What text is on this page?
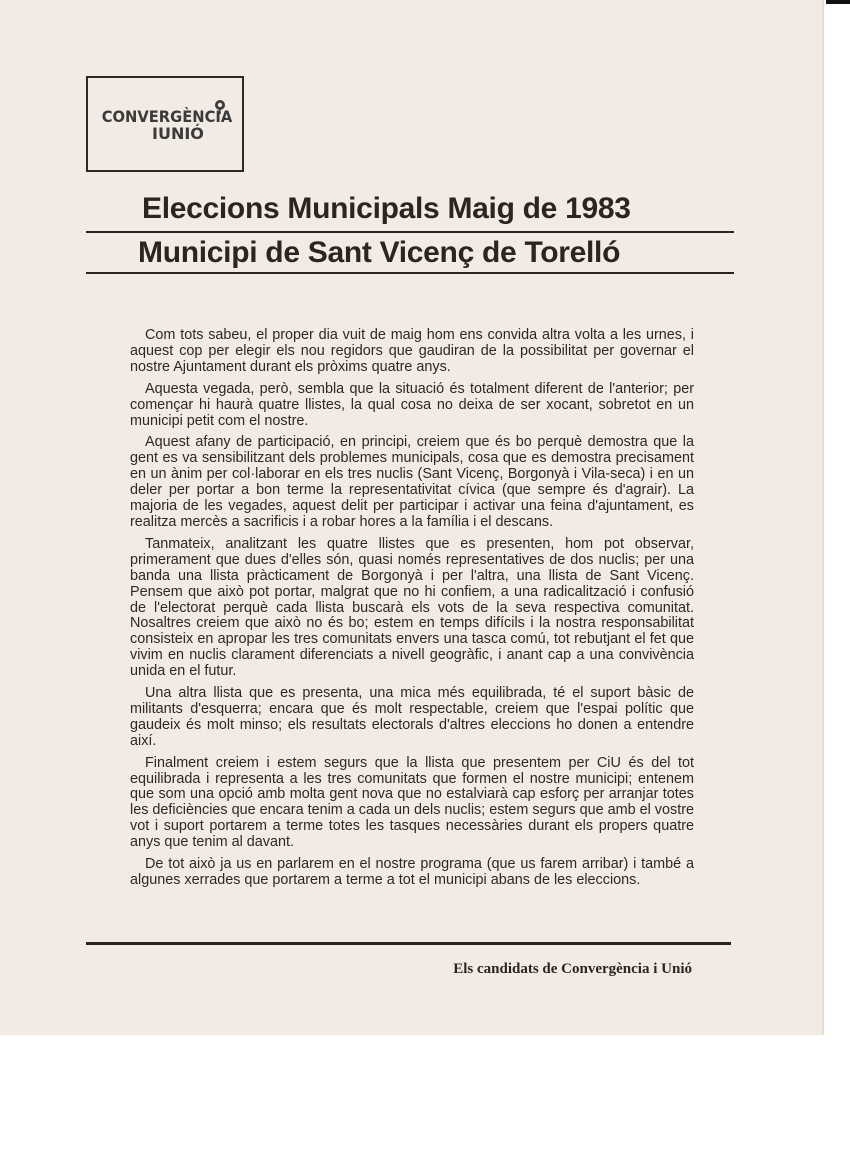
CONVERGÈNCIA
IUNIÓ
Eleccions Municipals Maig de 1983
Municipi de Sant Vicenç de Torelló

Com tots sabeu, el proper dia vuit de maig hom ens convida altra volta a les urnes, i aquest cop per elegir els nou regidors que gaudiran de la possibilitat per governar el nostre Ajuntament durant els pròxims quatre anys.

Aquesta vegada, però, sembla que la situació és totalment diferent de l'anterior; per començar hi haurà quatre llistes, la qual cosa no deixa de ser xocant, sobretot en un municipi petit com el nostre.

Aquest afany de participació, en principi, creiem que és bo perquè demostra que la gent es va sensibilitzant dels problemes municipals, cosa que es demostra precisament en un ànim per col·laborar en els tres nuclis (Sant Vicenç, Borgonyà i Vila-seca) i en un deler per portar a bon terme la representativitat cívica (que sempre és d'agrair). La majoria de les vegades, aquest delit per participar i activar una feina d'ajuntament, es realitza mercès a sacrificis i a robar hores a la família i el descans.

Tanmateix, analitzant les quatre llistes que es presenten, hom pot observar, primerament que dues d'elles són, quasi només representatives de dos nuclis; per una banda una llista pràcticament de Borgonyà i per l'altra, una llista de Sant Vicenç. Pensem que això pot portar, malgrat que no hi confiem, a una radicalització i confusió de l'electorat perquè cada llista buscarà els vots de la seva respectiva comunitat. Nosaltres creiem que això no és bo; estem en temps difícils i la nostra responsabilitat consisteix en apropar les tres comunitats envers una tasca comú, tot rebutjant el fet que vivim en nuclis clarament diferenciats a nivell geogràfic, i anant cap a una convivència unida en el futur.

Una altra llista que es presenta, una mica més equilibrada, té el suport bàsic de militants d'esquerra; encara que és molt respectable, creiem que l'espai polític que gaudeix és molt minso; els resultats electorals d'altres eleccions ho donen a entendre així.

Finalment creiem i estem segurs que la llista que presentem per CiU és del tot equilibrada i representa a les tres comunitats que formen el nostre municipi; entenem que som una opció amb molta gent nova que no estalviarà cap esforç per arranjar totes les deficiències que encara tenim a cada un dels nuclis; estem segurs que amb el vostre vot i suport portarem a terme totes les tasques necessàries durant els propers quatre anys que tenim al davant.

De tot això ja us en parlarem en el nostre programa (que us farem arribar) i també a algunes xerrades que portarem a terme a tot el municipi abans de les eleccions.

Els candidats de Convergència i Unió
